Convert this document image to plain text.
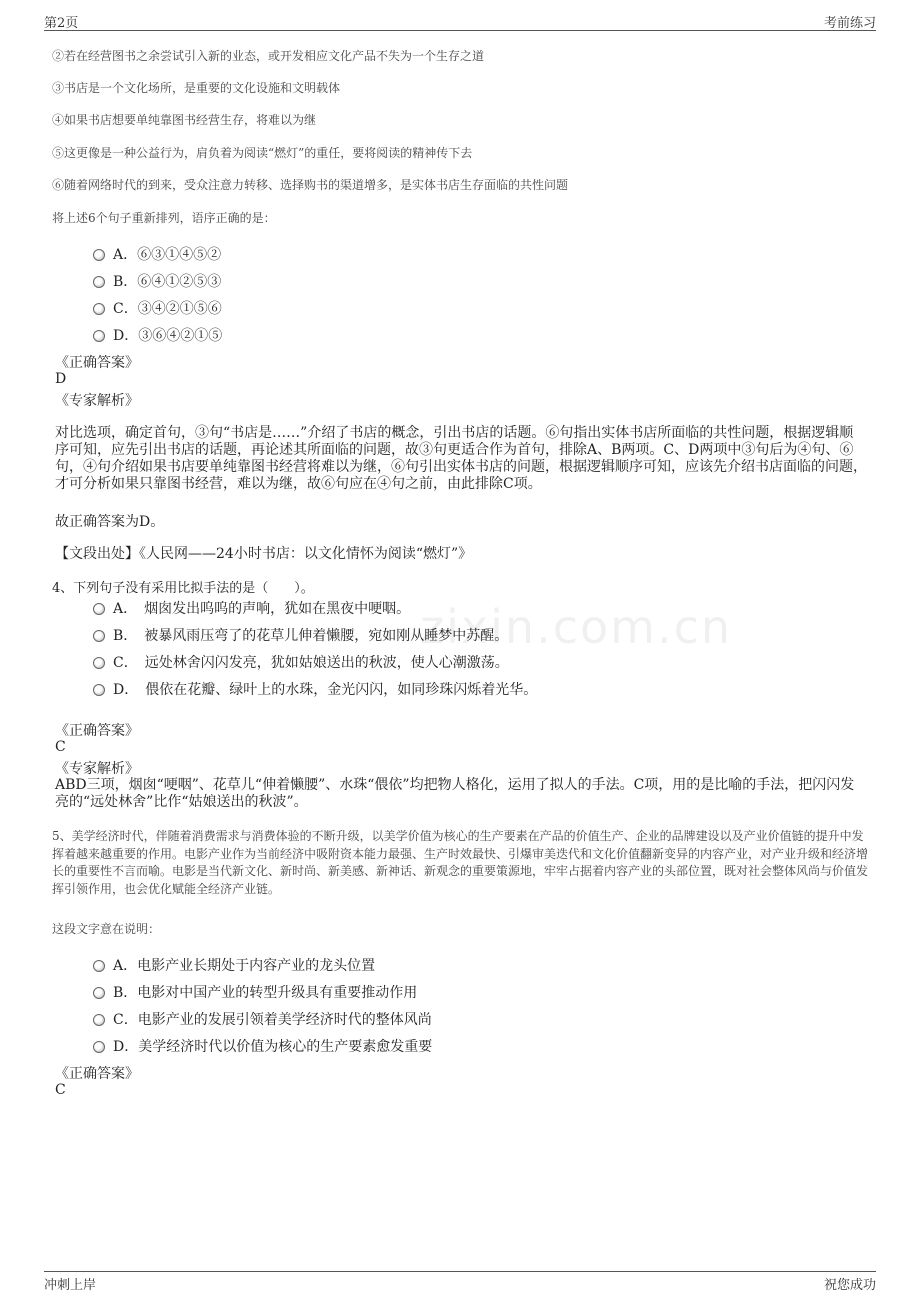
第2页	考前练习
zixin.com.cn
②若在经营图书之余尝试引入新的业态，或开发相应文化产品不失为一个生存之道
③书店是一个文化场所，是重要的文化设施和文明载体
④如果书店想要单纯靠图书经营生存，将难以为继
⑤这更像是一种公益行为，肩负着为阅读“燃灯”的重任，要将阅读的精神传下去
⑥随着网络时代的到来，受众注意力转移、选择购书的渠道增多，是实体书店生存面临的共性问题
将上述6个句子重新排列，语序正确的是：
A．⑥③①④⑤②
B．⑥④①②⑤③
C．③④②①⑤⑥
D．③⑥④②①⑤
《正确答案》
D
《专家解析》
对比选项，确定首句，③句“书店是……”介绍了书店的概念，引出书店的话题。⑥句指出实体书店所面临的共性问题，根据逻辑顺序可知，应先引出书店的话题，再论述其所面临的问题，故③句更适合作为首句，排除A、B两项。C、D两项中③句后为④句、⑥句，④句介绍如果书店要单纯靠图书经营将难以为继，⑥句引出实体书店的问题，根据逻辑顺序可知，应该先介绍书店面临的问题，才可分析如果只靠图书经营，难以为继，故⑥句应在④句之前，由此排除C项。
故正确答案为D。
【文段出处】《人民网——24小时书店：以文化情怀为阅读“燃灯”》
4、下列句子没有采用比拟手法的是（　　）。
A．　烟囱发出呜呜的声响，犹如在黑夜中哽咽。
B．　被暴风雨压弯了的花草儿伸着懒腰，宛如刚从睡梦中苏醒。
C．　远处林舍闪闪发亮，犹如姑娘送出的秋波，使人心潮激荡。
D．　偎依在花瓣、绿叶上的水珠，金光闪闪，如同珍珠闪烁着光华。
《正确答案》
C
《专家解析》
ABD三项，烟囱“哽咽”、花草儿“伸着懒腰”、水珠“偎依”均把物人格化，运用了拟人的手法。C项，用的是比喻的手法，把闪闪发亮的“远处林舍”比作“姑娘送出的秋波”。
5、美学经济时代，伴随着消费需求与消费体验的不断升级，以美学价值为核心的生产要素在产品的价值生产、企业的品牌建设以及产业价值链的提升中发挥着越来越重要的作用。电影产业作为当前经济中吸附资本能力最强、生产时效最快、引爆审美迭代和文化价值翻新变异的内容产业，对产业升级和经济增长的重要性不言而喻。电影是当代新文化、新时尚、新美感、新神话、新观念的重要策源地，牢牢占据着内容产业的头部位置，既对社会整体风尚与价值发挥引领作用，也会优化赋能全经济产业链。
这段文字意在说明：
A．电影产业长期处于内容产业的龙头位置
B．电影对中国产业的转型升级具有重要推动作用
C．电影产业的发展引领着美学经济时代的整体风尚
D．美学经济时代以价值为核心的生产要素愈发重要
《正确答案》
C
冲刺上岸	祝您成功
